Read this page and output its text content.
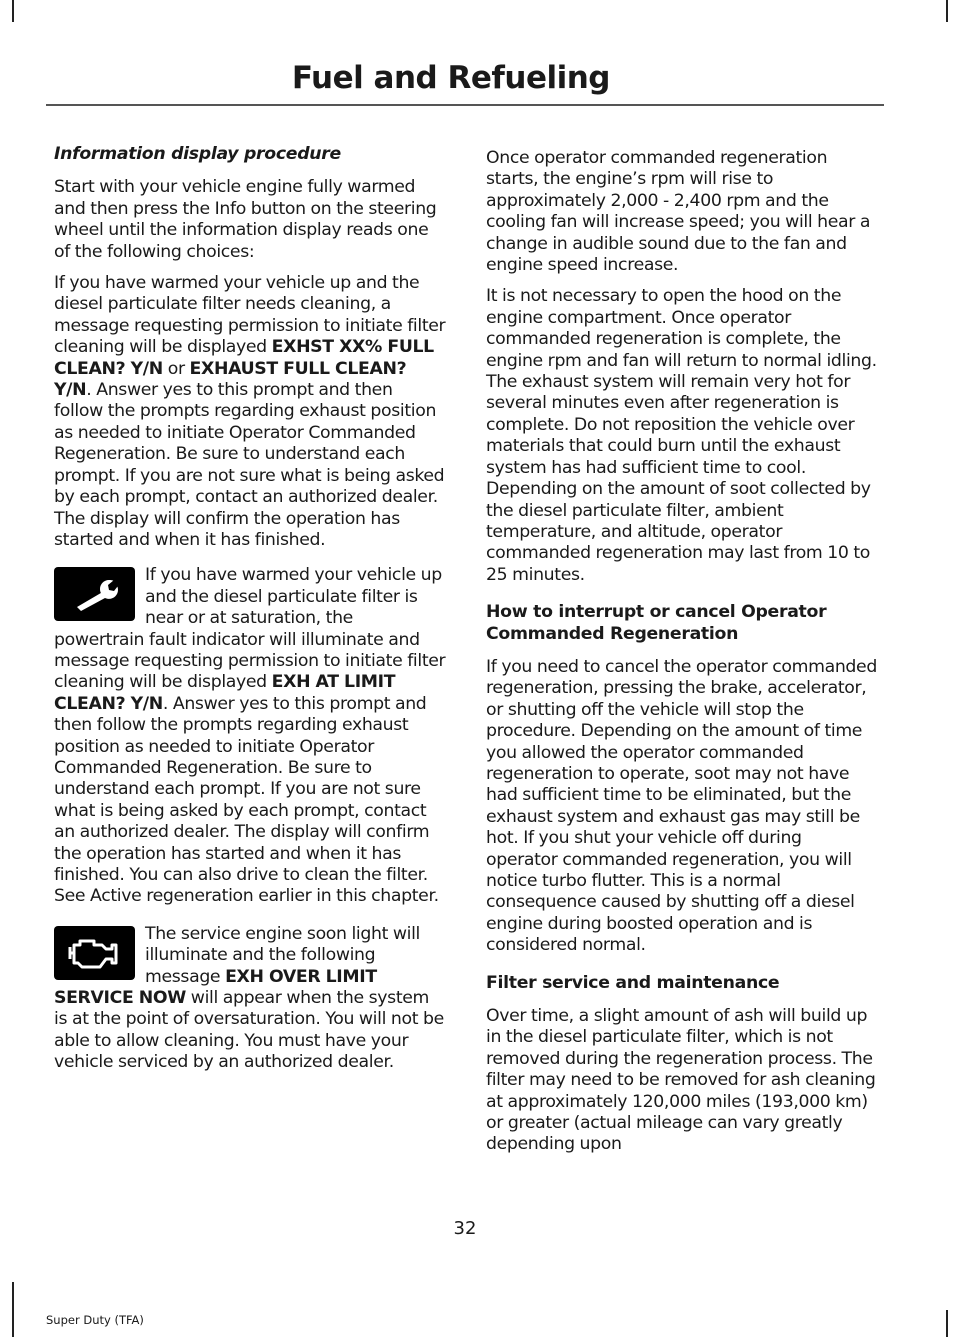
Fuel and Refueling

Information display procedure

Start with your vehicle engine fully warmed and then press the Info button on the steering wheel until the information display reads one of the following choices:

If you have warmed your vehicle up and the diesel particulate filter needs cleaning, a message requesting permission to initiate filter cleaning will be displayed EXHST XX% FULL CLEAN? Y/N or EXHAUST FULL CLEAN? Y/N. Answer yes to this prompt and then follow the prompts regarding exhaust position as needed to initiate Operator Commanded Regeneration. Be sure to understand each prompt. If you are not sure what is being asked by each prompt, contact an authorized dealer. The display will confirm the operation has started and when it has finished.

If you have warmed your vehicle up and the diesel particulate filter is near or at saturation, the powertrain fault indicator will illuminate and message requesting permission to initiate filter cleaning will be displayed EXH AT LIMIT CLEAN? Y/N. Answer yes to this prompt and then follow the prompts regarding exhaust position as needed to initiate Operator Commanded Regeneration. Be sure to understand each prompt. If you are not sure what is being asked by each prompt, contact an authorized dealer. The display will confirm the operation has started and when it has finished. You can also drive to clean the filter. See Active regeneration earlier in this chapter.

The service engine soon light will illuminate and the following message EXH OVER LIMIT SERVICE NOW will appear when the system is at the point of oversaturation. You will not be able to allow cleaning. You must have your vehicle serviced by an authorized dealer.

Once operator commanded regeneration starts, the engine’s rpm will rise to approximately 2,000 - 2,400 rpm and the cooling fan will increase speed; you will hear a change in audible sound due to the fan and engine speed increase.

It is not necessary to open the hood on the engine compartment. Once operator commanded regeneration is complete, the engine rpm and fan will return to normal idling. The exhaust system will remain very hot for several minutes even after regeneration is complete. Do not reposition the vehicle over materials that could burn until the exhaust system has had sufficient time to cool. Depending on the amount of soot collected by the diesel particulate filter, ambient temperature, and altitude, operator commanded regeneration may last from 10 to 25 minutes.

How to interrupt or cancel Operator Commanded Regeneration

If you need to cancel the operator commanded regeneration, pressing the brake, accelerator, or shutting off the vehicle will stop the procedure. Depending on the amount of time you allowed the operator commanded regeneration to operate, soot may not have had sufficient time to be eliminated, but the exhaust system and exhaust gas may still be hot. If you shut your vehicle off during operator commanded regeneration, you will notice turbo flutter. This is a normal consequence caused by shutting off a diesel engine during boosted operation and is considered normal.

Filter service and maintenance

Over time, a slight amount of ash will build up in the diesel particulate filter, which is not removed during the regeneration process. The filter may need to be removed for ash cleaning at approximately 120,000 miles (193,000 km) or greater (actual mileage can vary greatly depending upon

32
Super Duty (TFA)
